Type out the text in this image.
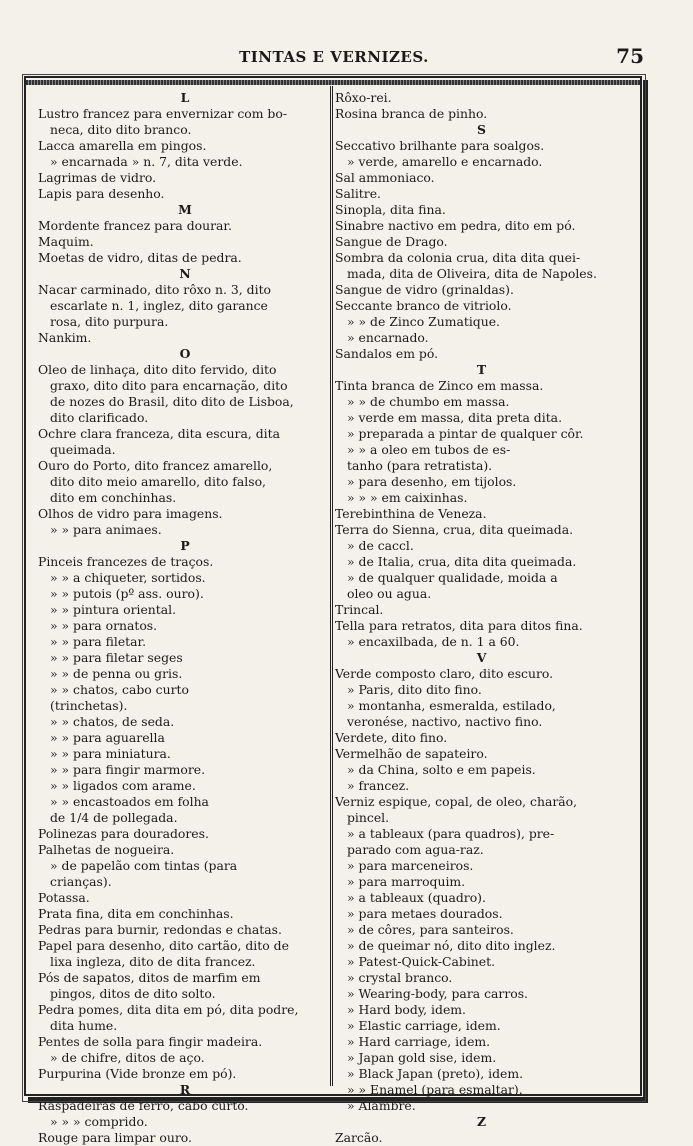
TINTAS E VERNIZES.	75
L
Lustro francez para envernizar com bo-
neca, dito dito branco.
Lacca amarella em pingos.
» encarnada » n. 7, dita verde.
Lagrimas de vidro.
Lapis para desenho.
M
Mordente francez para dourar.
Maquim.
Moetas de vidro, ditas de pedra.
N
Nacar carminado, dito rôxo n. 3, dito
escarlate n. 1, inglez, dito garance
rosa, dito purpura.
Nankim.
O
Oleo de linhaça, dito dito fervido, dito
graxo, dito dito para encarnação, dito
de nozes do Brasil, dito dito de Lisboa,
dito clarificado.
Ochre clara franceza, dita escura, dita
queimada.
Ouro do Porto, dito francez amarello,
dito dito meio amarello, dito falso,
dito em conchinhas.
Olhos de vidro para imagens.
» » para animaes.
P
Pinceis francezes de traços.
» » a chiqueter, sortidos.
» » putois (pº ass. ouro).
» » pintura oriental.
» » para ornatos.
» » para filetar.
» » para filetar seges
» » de penna ou gris.
» » chatos, cabo curto
(trinchetas).
» » chatos, de seda.
» » para aguarella
» » para miniatura.
» » para fingir marmore.
» » ligados com arame.
» » encastoados em folha
de 1/4 de pollegada.
Polinezas para douradores.
Palhetas de nogueira.
» de papelão com tintas (para
crianças).
Potassa.
Prata fina, dita em conchinhas.
Pedras para burnir, redondas e chatas.
Papel para desenho, dito cartão, dito de
lixa ingleza, dito de dita francez.
Pós de sapatos, ditos de marfim em
pingos, ditos de dito solto.
Pedra pomes, dita dita em pó, dita podre,
dita hume.
Pentes de solla para fingir madeira.
» de chifre, ditos de aço.
Purpurina (Vide bronze em pó).
R
Raspadeiras de ferro, cabo curto.
» » » comprido.
Rouge para limpar ouro.
Rôxo-rei.
Rosina branca de pinho.
S
Seccativo brilhante para soalgos.
» verde, amarello e encarnado.
Sal ammoniaco.
Salitre.
Sinopla, dita fina.
Sinabre nactivo em pedra, dito em pó.
Sangue de Drago.
Sombra da colonia crua, dita dita quei-
mada, dita de Oliveira, dita de Napoles.
Sangue de vidro (grinaldas).
Seccante branco de vitriolo.
» » de Zinco Zumatique.
» encarnado.
Sandalos em pó.
T
Tinta branca de Zinco em massa.
» » de chumbo em massa.
» verde em massa, dita preta dita.
» preparada a pintar de qualquer côr.
» » a oleo em tubos de es-
tanho (para retratista).
» para desenho, em tijolos.
» » » em caixinhas.
Terebinthina de Veneza.
Terra do Sienna, crua, dita queimada.
» de caccl.
» de Italia, crua, dita dita queimada.
» de qualquer qualidade, moida a
oleo ou agua.
Trincal.
Tella para retratos, dita para ditos fina.
» encaxilbada, de n. 1 a 60.
V
Verde composto claro, dito escuro.
» Paris, dito dito fino.
» montanha, esmeralda, estilado,
veronése, nactivo, nactivo fino.
Verdete, dito fino.
Vermelhão de sapateiro.
» da China, solto e em papeis.
» francez.
Verniz espique, copal, de oleo, charão,
pincel.
» a tableaux (para quadros), pre-
parado com agua-raz.
» para marceneiros.
» para marroquim.
» a tableaux (quadro).
» para metaes dourados.
» de côres, para santeiros.
» de queimar nó, dito dito inglez.
» Patest-Quick-Cabinet.
» crystal branco.
» Wearing-body, para carros.
» Hard body, idem.
» Elastic carriage, idem.
» Hard carriage, idem.
» Japan gold sise, idem.
» Black Japan (preto), idem.
» » Enamel (para esmaltar).
» Alambre.
Z
Zarcão.
